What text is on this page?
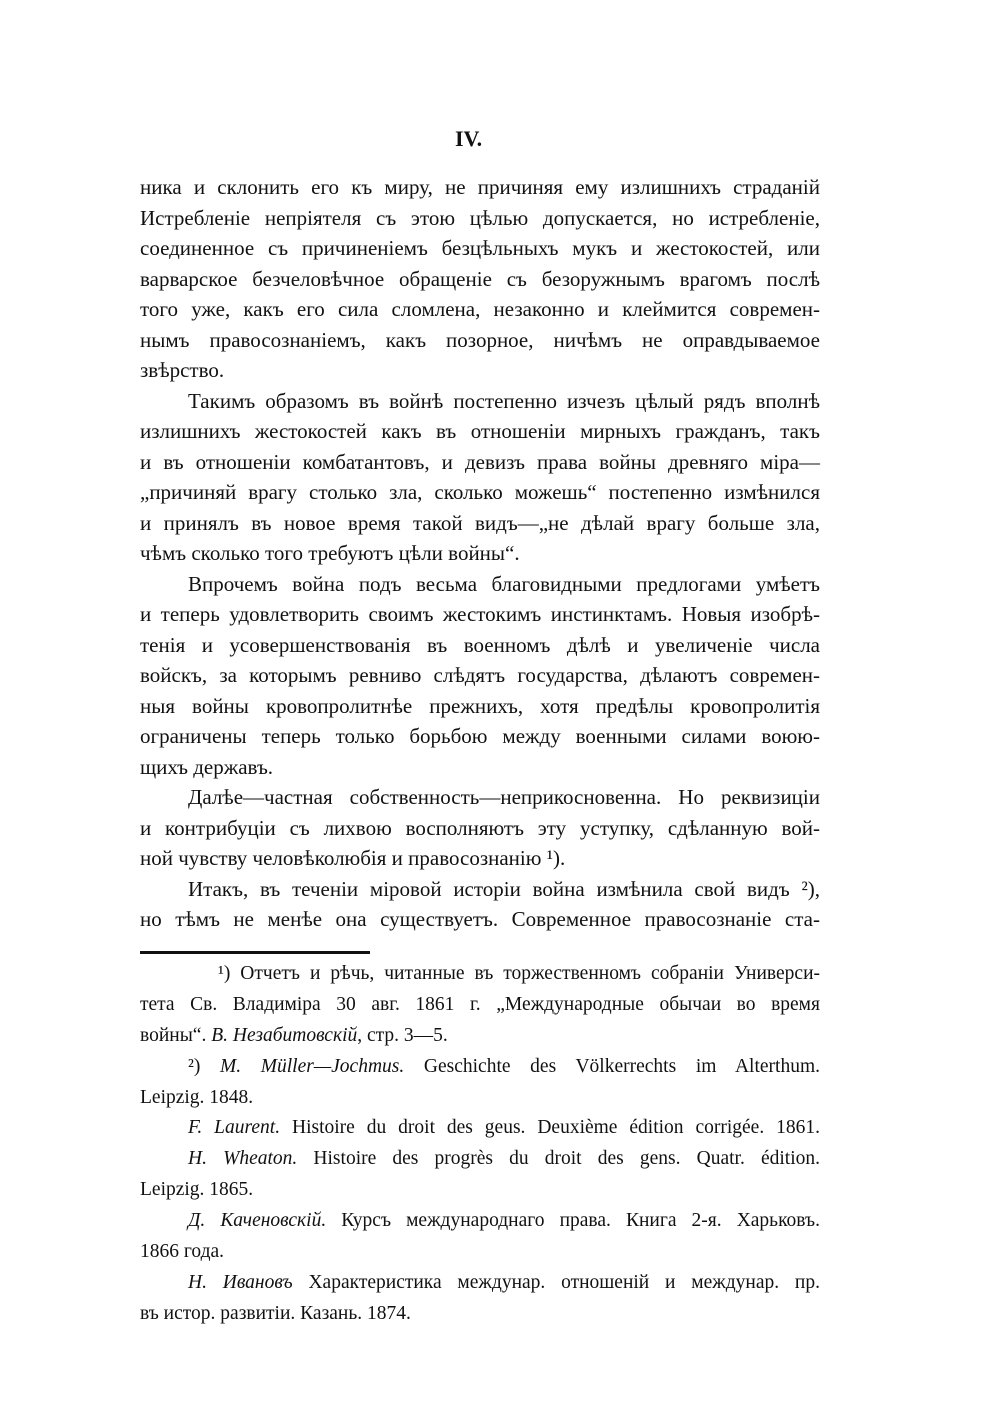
IV.
ника и склонить его къ миру, не причиняя ему излишнихъ страданій
Истребленіе непріятеля съ этою цѣлью допускается, но истребленіе,
соединенное съ причиненіемъ безцѣльныхъ мукъ и жестокостей, или
варварское безчеловѣчное обращеніе съ безоружнымъ врагомъ послѣ
того уже, какъ его сила сломлена, незаконно и клеймится современ-
нымъ правосознаніемъ, какъ позорное, ничѣмъ не оправдываемое
звѣрство.
Такимъ образомъ въ войнѣ постепенно изчезъ цѣлый рядъ вполнѣ
излишнихъ жестокостей какъ въ отношеніи мирныхъ гражданъ, такъ
и въ отношеніи комбатантовъ, и девизъ права войны древняго міра—
„причиняй врагу столько зла, сколько можешь“ постепенно измѣнился
и принялъ въ новое время такой видъ—„не дѣлай врагу больше зла,
чѣмъ сколько того требуютъ цѣли войны“.
Впрочемъ война подъ весьма благовидными предлогами умѣетъ
и теперь удовлетворить своимъ жестокимъ инстинктамъ. Новыя изобрѣ-
тенія и усовершенствованія въ военномъ дѣлѣ и увеличеніе числа
войскъ, за которымъ ревниво слѣдятъ государства, дѣлаютъ современ-
ныя войны кровопролитнѣе прежнихъ, хотя предѣлы кровопролитія
ограничены теперь только борьбою между военными силами воюю-
щихъ державъ.
Далѣе—частная собственность—неприкосновенна. Но реквизиціи
и контрибуціи съ лихвою восполняютъ эту уступку, сдѣланную вой-
ной чувству человѣколюбія и правосознанію ¹).
Итакъ, въ теченіи міровой исторіи война измѣнила свой видъ ²),
но тѣмъ не менѣе она существуетъ. Современное правосознаніе ста-
¹) Отчетъ и рѣчь, читанные въ торжественномъ собраніи Универси-
тета Св. Владиміра 30 авг. 1861 г. „Международные обычаи во время
войны“. В. Незабитовскій, стр. 3—5.
²) M. Müller—Jochmus. Geschichte des Völkerrechts im Alterthum.
Leipzig. 1848.
F. Laurent. Histoire du droit des geus. Deuxième édition corrigée. 1861.
H. Wheaton. Histoire des progrès du droit des gens. Quatr. édition.
Leipzig. 1865.
Д. Каченовскій. Курсъ международнаго права. Книга 2-я. Харьковъ.
1866 года.
Н. Ивановъ Характеристика междунар. отношеній и междунар. пр.
въ истор. развитіи. Казань. 1874.
